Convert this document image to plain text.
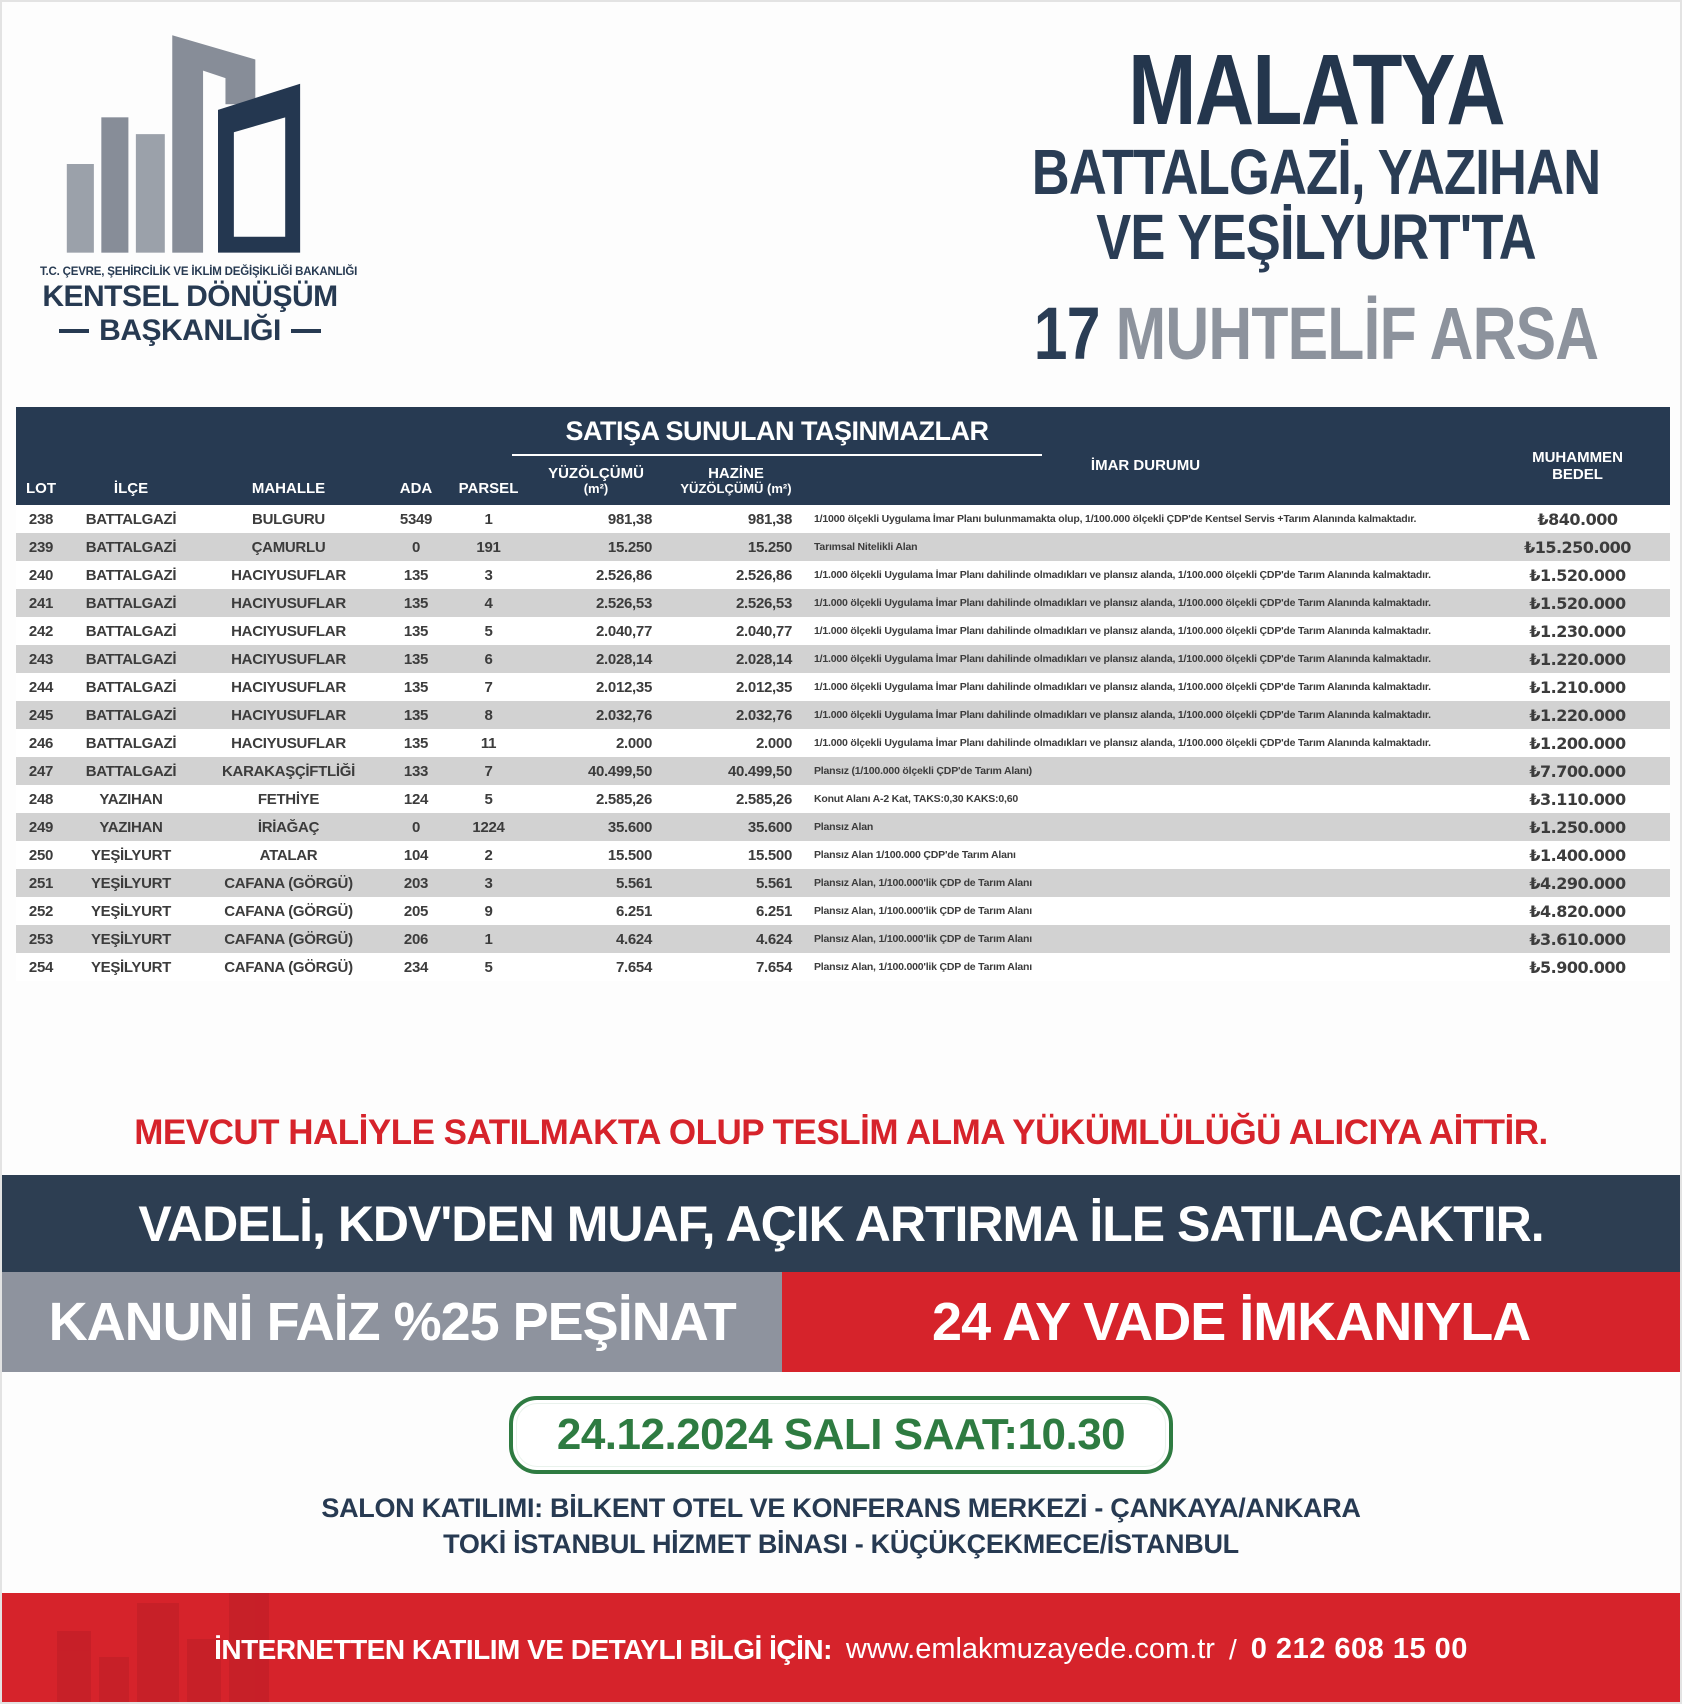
T.C. ÇEVRE, ŞEHİRCİLİK VE İKLİM DEĞİŞİKLİĞİ BAKANLIĞI
KENTSEL DÖNÜŞÜM
BAŞKANLIĞI
MALATYA
BATTALGAZİ, YAZIHAN
VE YEŞİLYURT'TA
17 MUHTELİF ARSA
SATIŞA SUNULAN TAŞINMAZLAR
LOT	İLÇE	MAHALLE	ADA	PARSEL
YÜZÖLÇÜMÜ
(m²)
HAZİNE
YÜZÖLÇÜMÜ (m²)
İMAR DURUMU
MUHAMMEN
BEDEL
238	BATTALGAZİ	BULGURU	5349	1	981,38	981,38	1/1000 ölçekli Uygulama İmar Planı bulunmamakta olup, 1/100.000 ölçekli ÇDP'de Kentsel Servis +Tarım Alanında kalmaktadır.	₺840.000
239	BATTALGAZİ	ÇAMURLU	0	191	15.250	15.250	Tarımsal Nitelikli Alan	₺15.250.000
240	BATTALGAZİ	HACIYUSUFLAR	135	3	2.526,86	2.526,86	1/1.000 ölçekli Uygulama İmar Planı dahilinde olmadıkları ve plansız alanda, 1/100.000 ölçekli ÇDP'de Tarım Alanında kalmaktadır.	₺1.520.000
241	BATTALGAZİ	HACIYUSUFLAR	135	4	2.526,53	2.526,53	1/1.000 ölçekli Uygulama İmar Planı dahilinde olmadıkları ve plansız alanda, 1/100.000 ölçekli ÇDP'de Tarım Alanında kalmaktadır.	₺1.520.000
242	BATTALGAZİ	HACIYUSUFLAR	135	5	2.040,77	2.040,77	1/1.000 ölçekli Uygulama İmar Planı dahilinde olmadıkları ve plansız alanda, 1/100.000 ölçekli ÇDP'de Tarım Alanında kalmaktadır.	₺1.230.000
243	BATTALGAZİ	HACIYUSUFLAR	135	6	2.028,14	2.028,14	1/1.000 ölçekli Uygulama İmar Planı dahilinde olmadıkları ve plansız alanda, 1/100.000 ölçekli ÇDP'de Tarım Alanında kalmaktadır.	₺1.220.000
244	BATTALGAZİ	HACIYUSUFLAR	135	7	2.012,35	2.012,35	1/1.000 ölçekli Uygulama İmar Planı dahilinde olmadıkları ve plansız alanda, 1/100.000 ölçekli ÇDP'de Tarım Alanında kalmaktadır.	₺1.210.000
245	BATTALGAZİ	HACIYUSUFLAR	135	8	2.032,76	2.032,76	1/1.000 ölçekli Uygulama İmar Planı dahilinde olmadıkları ve plansız alanda, 1/100.000 ölçekli ÇDP'de Tarım Alanında kalmaktadır.	₺1.220.000
246	BATTALGAZİ	HACIYUSUFLAR	135	11	2.000	2.000	1/1.000 ölçekli Uygulama İmar Planı dahilinde olmadıkları ve plansız alanda, 1/100.000 ölçekli ÇDP'de Tarım Alanında kalmaktadır.	₺1.200.000
247	BATTALGAZİ	KARAKAŞÇİFTLİĞİ	133	7	40.499,50	40.499,50	Plansız (1/100.000 ölçekli ÇDP'de Tarım Alanı)	₺7.700.000
248	YAZIHAN	FETHİYE	124	5	2.585,26	2.585,26	Konut Alanı A-2 Kat, TAKS:0,30 KAKS:0,60	₺3.110.000
249	YAZIHAN	İRİAĞAÇ	0	1224	35.600	35.600	Plansız Alan	₺1.250.000
250	YEŞİLYURT	ATALAR	104	2	15.500	15.500	Plansız Alan 1/100.000 ÇDP'de Tarım Alanı	₺1.400.000
251	YEŞİLYURT	CAFANA (GÖRGÜ)	203	3	5.561	5.561	Plansız Alan, 1/100.000'lik ÇDP de Tarım Alanı	₺4.290.000
252	YEŞİLYURT	CAFANA (GÖRGÜ)	205	9	6.251	6.251	Plansız Alan, 1/100.000'lik ÇDP de Tarım Alanı	₺4.820.000
253	YEŞİLYURT	CAFANA (GÖRGÜ)	206	1	4.624	4.624	Plansız Alan, 1/100.000'lik ÇDP de Tarım Alanı	₺3.610.000
254	YEŞİLYURT	CAFANA (GÖRGÜ)	234	5	7.654	7.654	Plansız Alan, 1/100.000'lik ÇDP de Tarım Alanı	₺5.900.000
MEVCUT HALİYLE SATILMAKTA OLUP TESLİM ALMA YÜKÜMLÜLÜĞÜ ALICIYA AİTTİR.
VADELİ, KDV'DEN MUAF, AÇIK ARTIRMA İLE SATILACAKTIR.
KANUNİ FAİZ %25 PEŞİNAT	24 AY VADE İMKANIYLA
24.12.2024 SALI SAAT:10.30
SALON KATILIMI: BİLKENT OTEL VE KONFERANS MERKEZİ - ÇANKAYA/ANKARA
TOKİ İSTANBUL HİZMET BİNASI - KÜÇÜKÇEKMECE/İSTANBUL
İNTERNETTEN KATILIM VE DETAYLI BİLGİ İÇİN: www.emlakmuzayede.com.tr / 0 212 608 15 00
